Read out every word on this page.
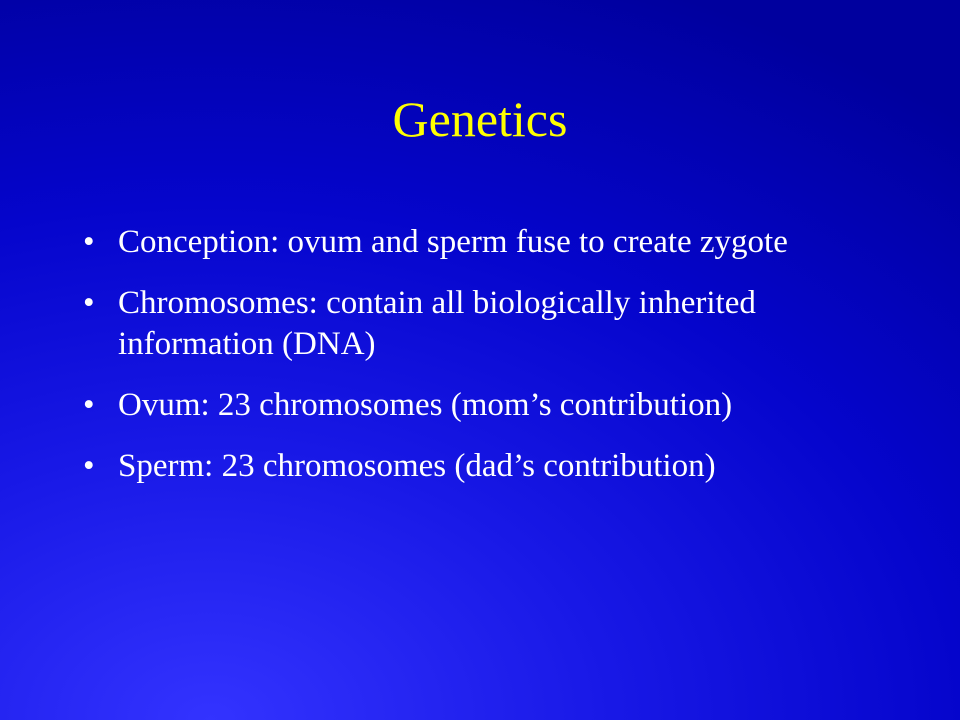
Genetics
• Conception: ovum and sperm fuse to create zygote
• Chromosomes: contain all biologically inherited information (DNA)
• Ovum: 23 chromosomes (mom’s contribution)
• Sperm: 23 chromosomes (dad’s contribution)
